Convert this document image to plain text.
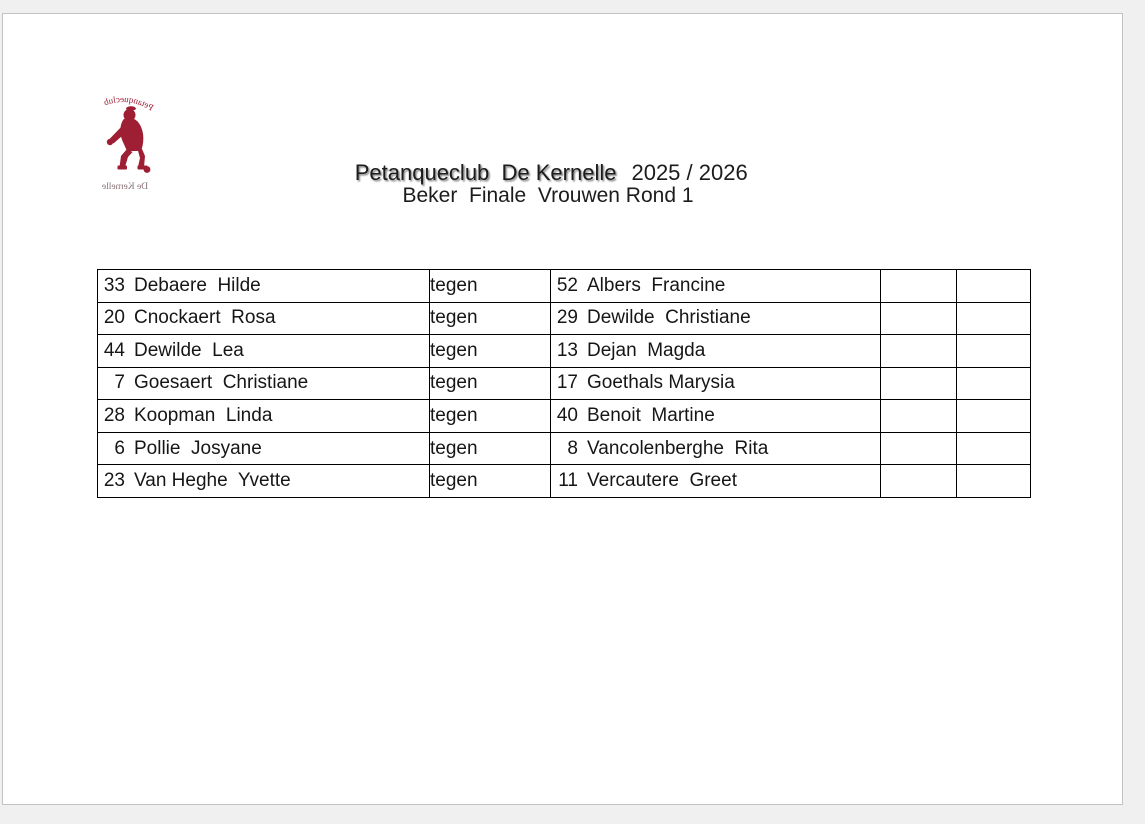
Petanqueclub
De Kernelle

Petanqueclub  De Kernelle 2025 / 2026

Beker  Finale  Vrouwen Rond 1
33 Debaere  Hilde	tegen	52 Albers  Francine		
20 Cnockaert  Rosa	tegen	29 Dewilde  Christiane		
44 Dewilde  Lea	tegen	13 Dejan  Magda		
7 Goesaert  Christiane	tegen	17 Goethals Marysia		
28 Koopman  Linda	tegen	40 Benoit  Martine		
6 Pollie  Josyane	tegen	8 Vancolenberghe  Rita		
23 Van Heghe  Yvette	tegen	11 Vercautere  Greet		
